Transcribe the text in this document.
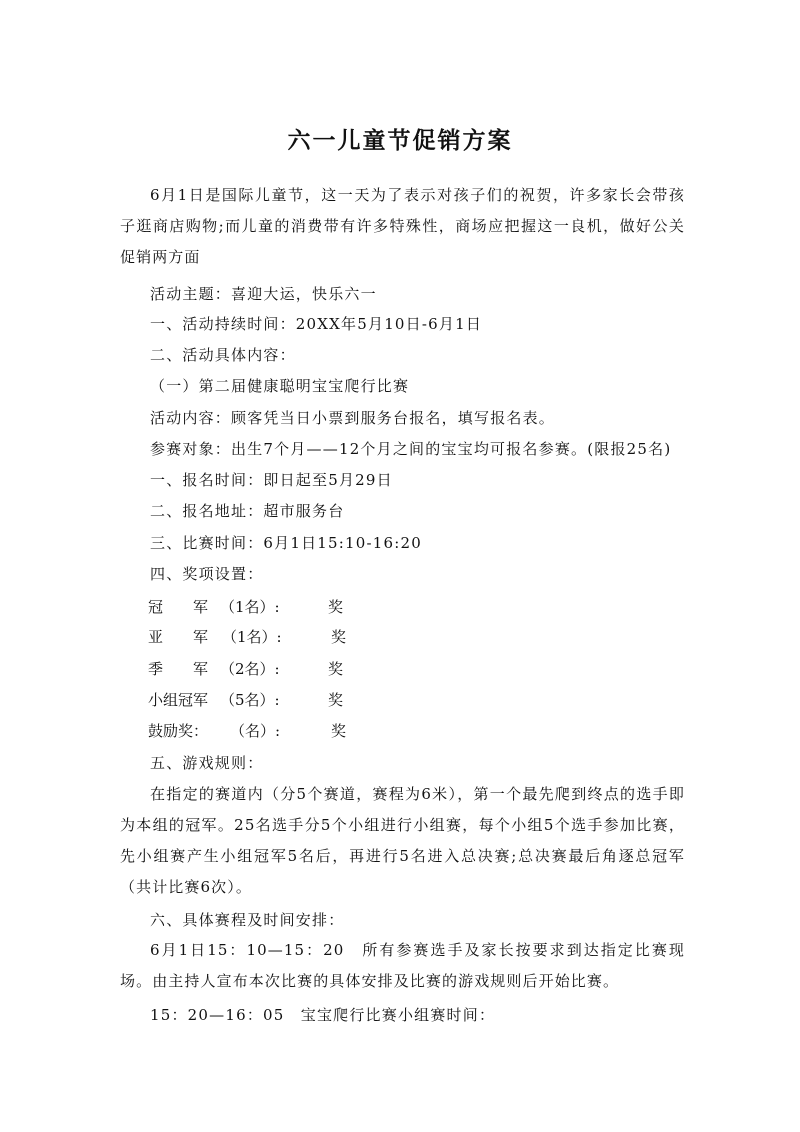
六一儿童节促销方案
6月1日是国际儿童节，这一天为了表示对孩子们的祝贺，许多家长会带孩子逛商店购物;而儿童的消费带有许多特殊性，商场应把握这一良机，做好公关促销两方面
活动主题：喜迎大运，快乐六一
一、活动持续时间：20XX年5月10日-6月1日
二、活动具体内容：
（一）第二届健康聪明宝宝爬行比赛
活动内容：顾客凭当日小票到服务台报名，填写报名表。
参赛对象：出生7个月——12个月之间的宝宝均可报名参赛。(限报25名)
一、报名时间：即日起至5月29日
二、报名地址：超市服务台
三、比赛时间：6月1日15:10-16:20
四、奖项设置：
冠　　军 （1名）:	奖
亚　　军 （1名）:	奖
季　　军 （2名）:	奖
小组冠军 （5名）:	奖
鼓励奖： （名）:	奖
五、游戏规则：
在指定的赛道内（分5个赛道，赛程为6米），第一个最先爬到终点的选手即为本组的冠军。25名选手分5个小组进行小组赛，每个小组5个选手参加比赛，先小组赛产生小组冠军5名后，再进行5名进入总决赛;总决赛最后角逐总冠军（共计比赛6次）。
六、具体赛程及时间安排：
6月1日15：10—15：20　所有参赛选手及家长按要求到达指定比赛现场。由主持人宣布本次比赛的具体安排及比赛的游戏规则后开始比赛。
15：20—16：05　宝宝爬行比赛小组赛时间：
